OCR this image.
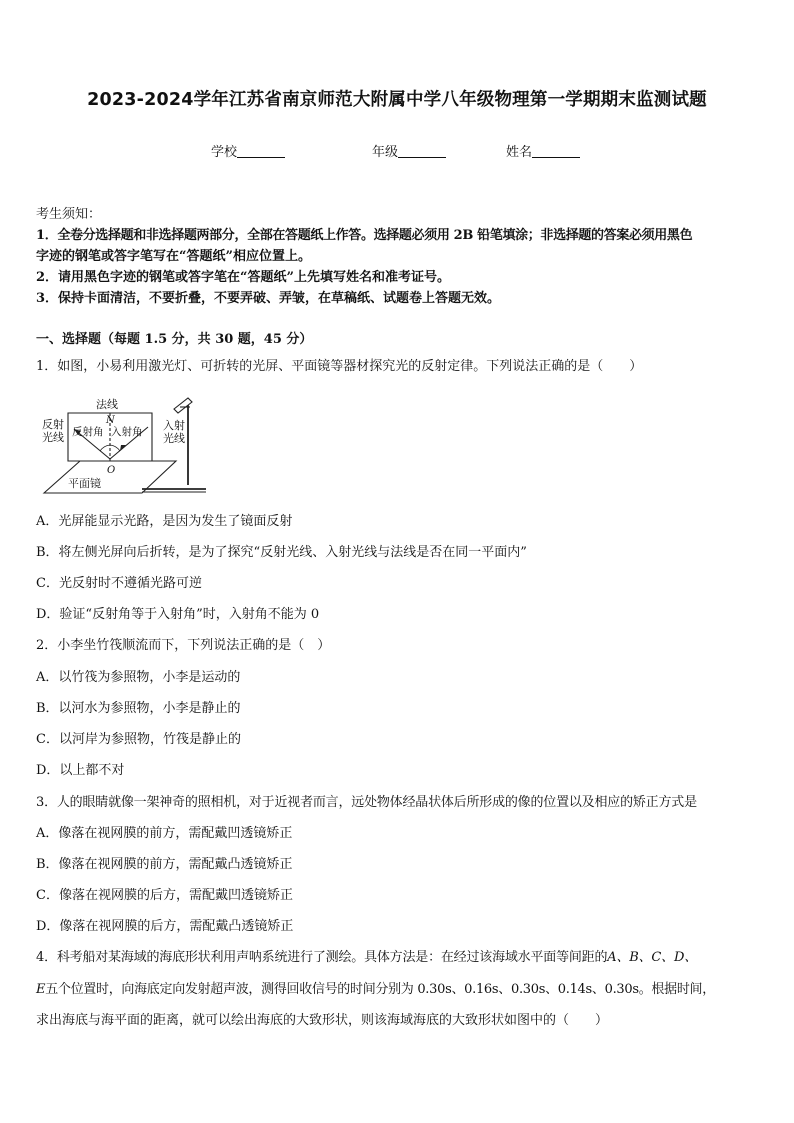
2023-2024学年江苏省南京师范大附属中学八年级物理第一学期期末监测试题
学校	年级	姓名
考生须知：
1．全卷分选择题和非选择题两部分，全部在答题纸上作答。选择题必须用 2B 铅笔填涂；非选择题的答案必须用黑色
字迹的钢笔或答字笔写在“答题纸”相应位置上。
2．请用黑色字迹的钢笔或答字笔在“答题纸”上先填写姓名和准考证号。
3．保持卡面清洁，不要折叠，不要弄破、弄皱，在草稿纸、试题卷上答题无效。
一、选择题（每题 1.5 分，共 30 题，45 分）
1．如图，小易利用激光灯、可折转的光屏、平面镜等器材探究光的反射定律。下列说法正确的是（　　）
法线
N
反射
光线 反射角 入射角 入射
光线
O
平面镜
A．光屏能显示光路，是因为发生了镜面反射
B．将左侧光屏向后折转，是为了探究“反射光线、入射光线与法线是否在同一平面内”
C．光反射时不遵循光路可逆
D．验证“反射角等于入射角”时，入射角不能为 0
2．小李坐竹筏顺流而下，下列说法正确的是（　）
A．以竹筏为参照物，小李是运动的
B．以河水为参照物，小李是静止的
C．以河岸为参照物，竹筏是静止的
D．以上都不对
3．人的眼睛就像一架神奇的照相机，对于近视者而言，远处物体经晶状体后所形成的像的位置以及相应的矫正方式是
A．像落在视网膜的前方，需配戴凹透镜矫正
B．像落在视网膜的前方，需配戴凸透镜矫正
C．像落在视网膜的后方，需配戴凹透镜矫正
D．像落在视网膜的后方，需配戴凸透镜矫正
4．科考船对某海域的海底形状利用声呐系统进行了测绘。具体方法是：在经过该海域水平面等间距的A、B、C、D、
E五个位置时，向海底定向发射超声波，测得回收信号的时间分别为 0.30s、0.16s、0.30s、0.14s、0.30s。根据时间，
求出海底与海平面的距离，就可以绘出海底的大致形状，则该海域海底的大致形状如图中的（　　）
